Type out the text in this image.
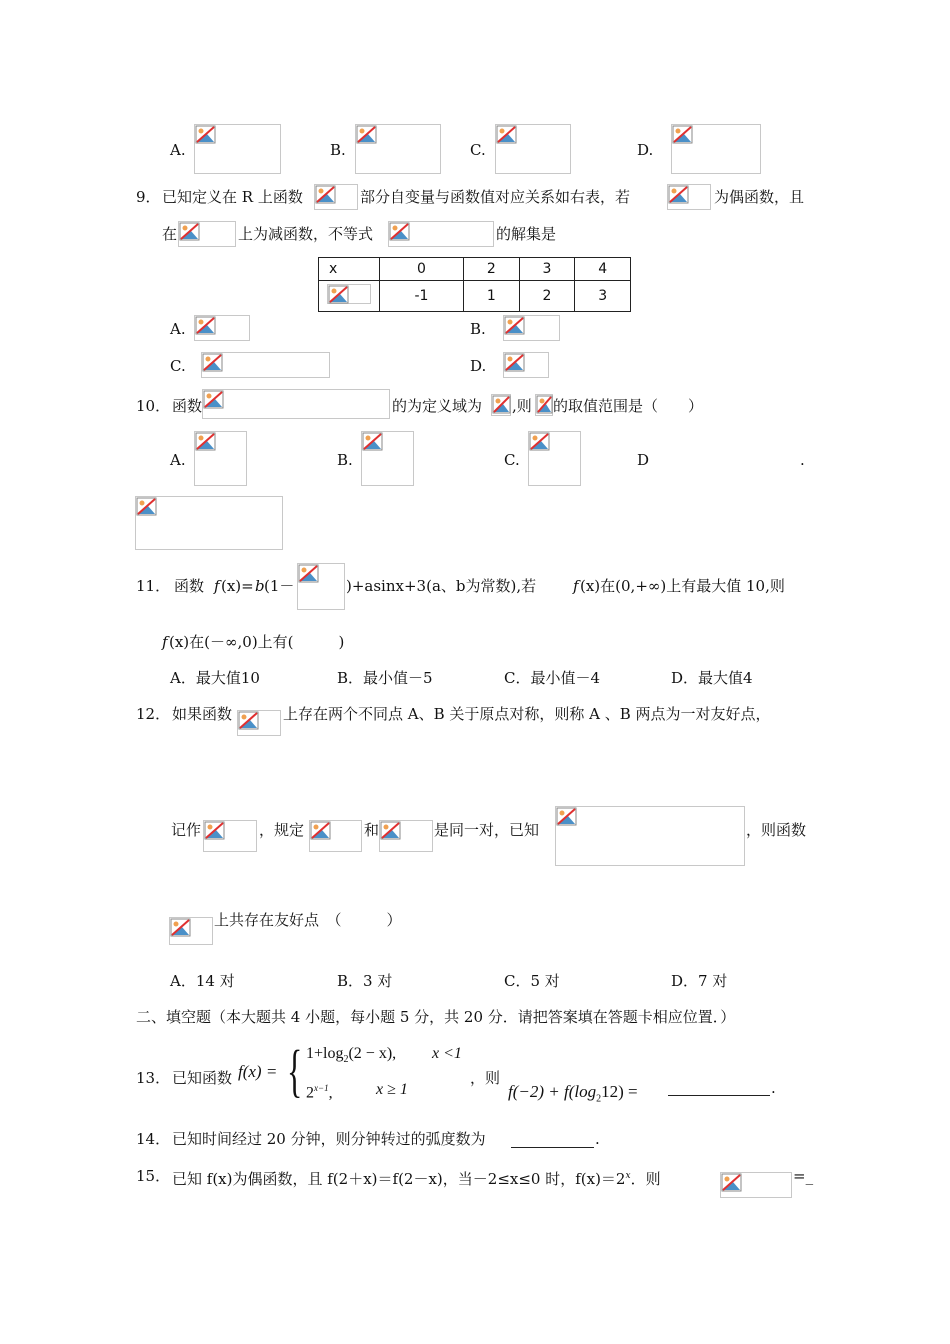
A.	B.	C.	D.
9． 已知定义在 R 上函数	部分自变量与函数值对应关系如右表，若	为偶函数，且
在	上为减函数，不等式	的解集是
x	0	2	3	4

	-1	1	2	3
A.	B.
C.	D.
10． 函数	的为定义域为 ,则 的取值范围是（　　）
A.	B.	C.	D	.
11． 函数 f (x)= b (1－	)+asinx+3(a、b为常数),若 f (x)在(0,+∞)上有最大值 10,则
f (x)在(－∞,0)上有(　　　)
A．最大值10	B．最小值－5	C．最小值－4	D．最大值4
12． 如果函数	上存在两个不同点 A、B 关于原点对称，则称 A 、B 两点为一对友好点，
记作	，规定	和	是同一对，已知	，则函数
上共存在友好点　（　　　）
A．14 对	B．3 对	C．5 对	D．7 对
二、填空题（本大题共 4 小题，每小题 5 分，共 20 分．请把答案填在答题卡相应位置．）
13． 已知函数 f(x) = { $1+\log_2(2 - x)$, x <1
$2^{x-1}$,	x ≥ 1
，则
$f(-2) + f(\log_212)$ =	.
14． 已知时间经过 20 分钟，则分钟转过的弧度数为	.
15． 已知 f(x)为偶函数，且 f(2＋x)＝f(2－x)，当－2≤x≤0 时，$f(x)=2^x$．则	=_
